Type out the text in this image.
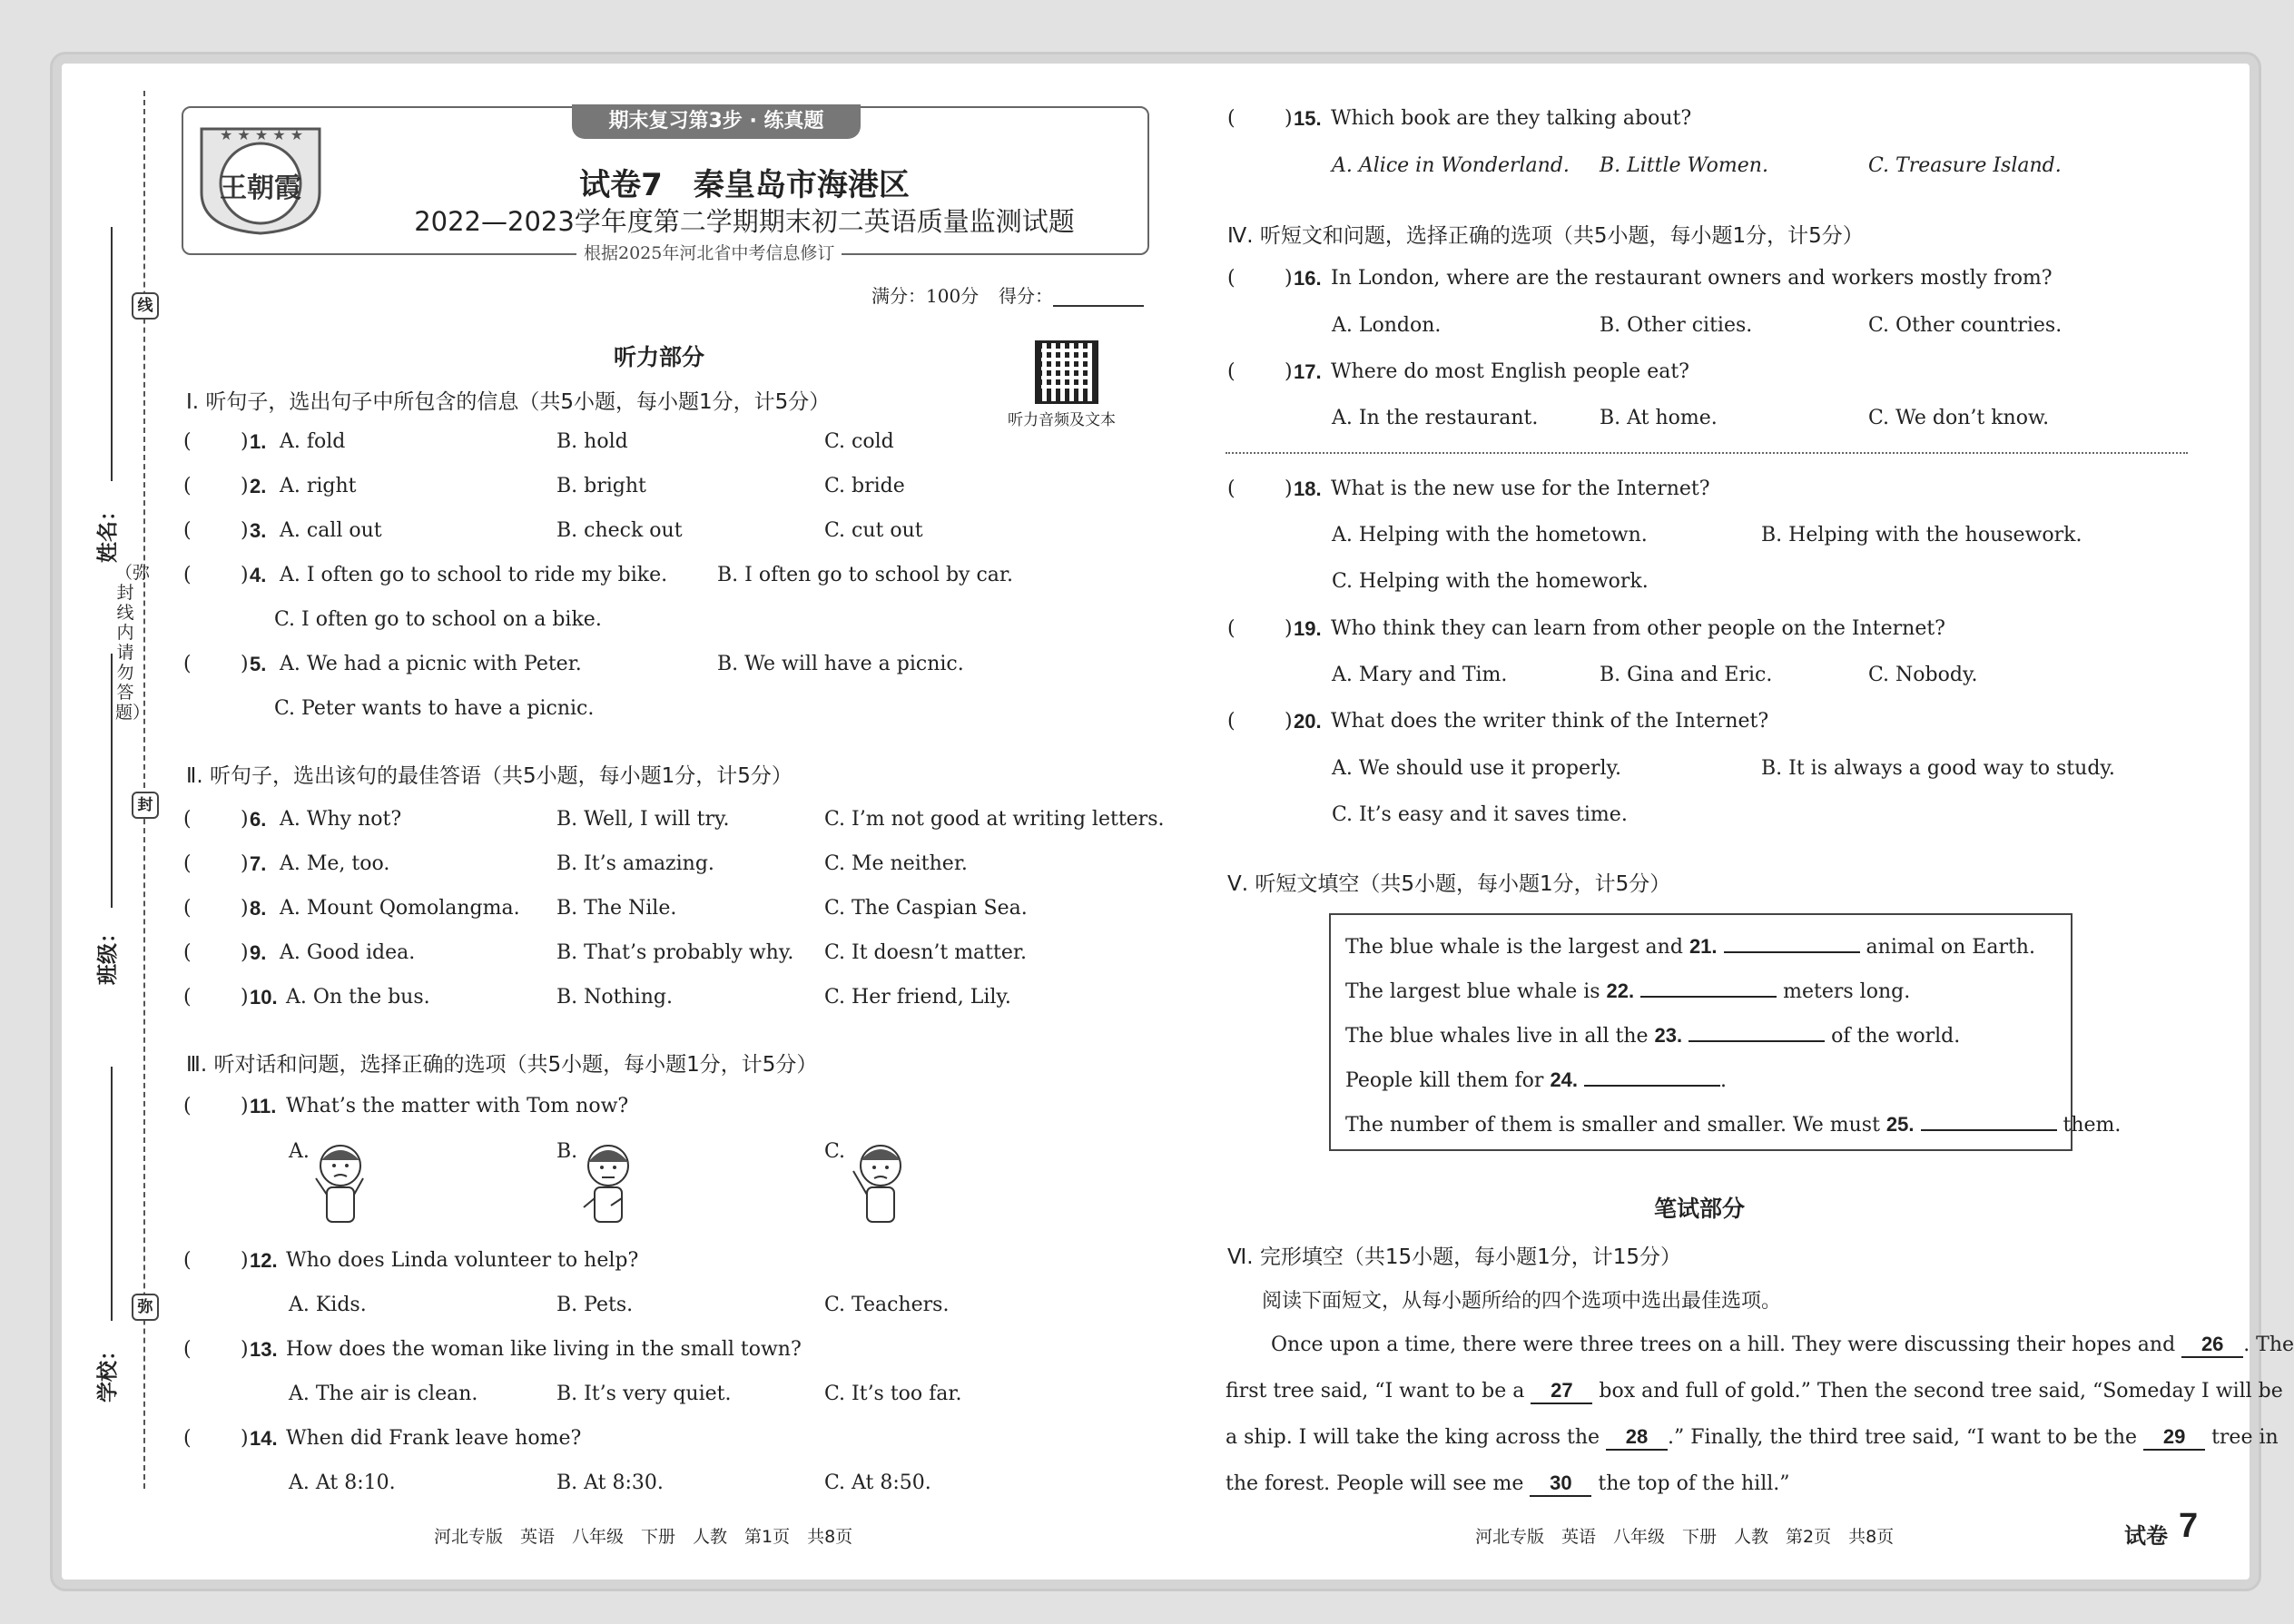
线
封
弥
（弥封线内请勿答题）
姓名：
班级：
学校：
期末复习第3步 · 练真题
★ ★ ★ ★ ★
王朝霞	试卷7　秦皇岛市海港区
2022—2023学年度第二学期期末初二英语质量监测试题
根据2025年河北省中考信息修订
满分：100分 得分：
听力部分
听力音频及文本
Ⅰ. 听句子，选出句子中所包含的信息（共5小题，每小题1分，计5分）
( ) 1. A. fold	B. hold	C. cold
( ) 2. A. right	B. bright	C. bride
( ) 3. A. call out	B. check out	C. cut out
( ) 4. A. I often go to school to ride my bike. B. I often go to school by car.
C. I often go to school on a bike.
( ) 5. A. We had a picnic with Peter.	B. We will have a picnic.
C. Peter wants to have a picnic.
Ⅱ. 听句子，选出该句的最佳答语（共5小题，每小题1分，计5分）
( ) 6. A. Why not?	B. Well, I will try.	C. I’m not good at writing letters.
( ) 7. A. Me, too.	B. It’s amazing.	C. Me neither.
( ) 8. A. Mount Qomolangma. B. The Nile.	C. The Caspian Sea.
( ) 9. A. Good idea.	B. That’s probably why. C. It doesn’t matter.
( ) 10. A. On the bus.	B. Nothing.	C. Her friend, Lily.
Ⅲ. 听对话和问题，选择正确的选项（共5小题，每小题1分，计5分）
( ) 11. What’s the matter with Tom now?
A.	B.	C.
( ) 12. Who does Linda volunteer to help?
A. Kids.	B. Pets.	C. Teachers.
( ) 13. How does the woman like living in the small town?
A. The air is clean.	B. It’s very quiet.	C. It’s too far.
( ) 14. When did Frank leave home?
A. At 8:10.	B. At 8:30.	C. At 8:50.
河北专版　英语　八年级　下册　人教　第1页　共8页
( ) 15. Which book are they talking about?
A. Alice in Wonderland. B. Little Women.	C. Treasure Island.
Ⅳ. 听短文和问题，选择正确的选项（共5小题，每小题1分，计5分）
( ) 16. In London, where are the restaurant owners and workers mostly from?
A. London.	B. Other cities.	C. Other countries.
( ) 17. Where do most English people eat?
A. In the restaurant.	B. At home.	C. We don’t know.
( ) 18. What is the new use for the Internet?
A. Helping with the hometown.	B. Helping with the housework.
C. Helping with the homework.
( ) 19. Who think they can learn from other people on the Internet?
A. Mary and Tim.	B. Gina and Eric.	C. Nobody.
( ) 20. What does the writer think of the Internet?
A. We should use it properly.	B. It is always a good way to study.
C. It’s easy and it saves time.
Ⅴ. 听短文填空（共5小题，每小题1分，计5分）
The blue whale is the largest and 21.	animal on Earth.
The largest blue whale is 22.	meters long.
The blue whales live in all the 23.	of the world.
People kill them for 24.	.
The number of them is smaller and smaller. We must 25.	them.
笔试部分
Ⅵ. 完形填空（共15小题，每小题1分，计15分）
阅读下面短文，从每小题所给的四个选项中选出最佳选项。
Once upon a time, there were three trees on a hill. They were discussing their hopes and 26 . The
first tree said, “I want to be a 27 box and full of gold.” Then the second tree said, “Someday I will be
a ship. I will take the king across the 28 .” Finally, the third tree said, “I want to be the 29 tree in
the forest. People will see me 30 the top of the hill.”
河北专版　英语　八年级　下册　人教　第2页　共8页	试卷 7
